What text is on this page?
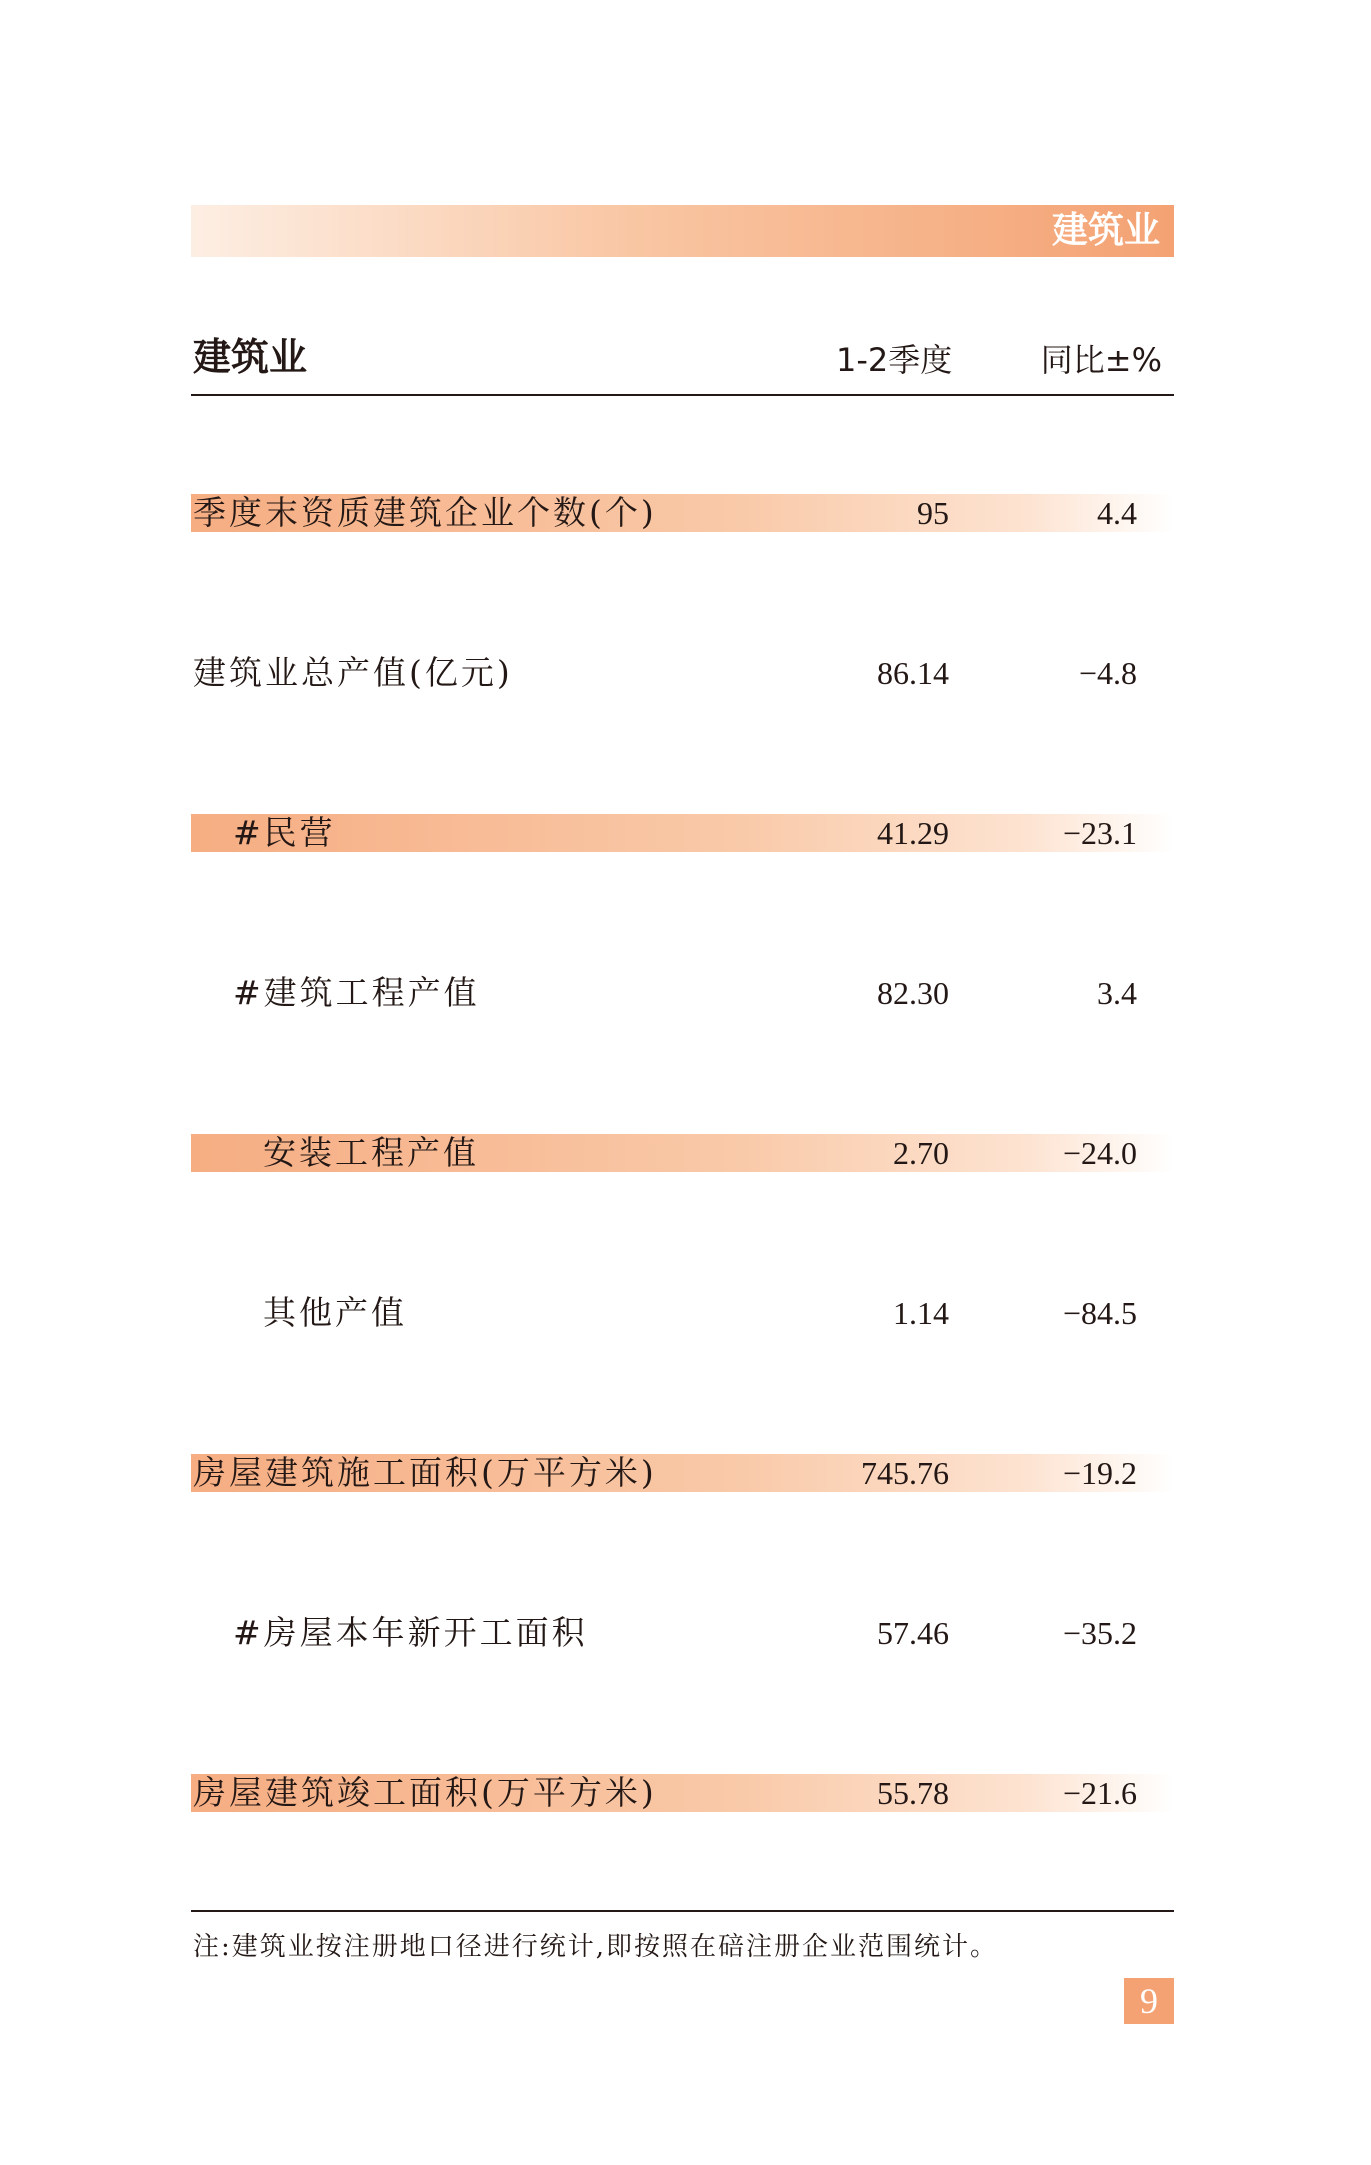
建筑业
建筑业	1-2季度	同比±%
季度末资质建筑企业个数(个)	95	4.4
建筑业总产值(亿元)	86.14	−4.8
#民营	41.29	−23.1
#建筑工程产值	82.30	3.4
安装工程产值	2.70	−24.0
其他产值	1.14	−84.5
房屋建筑施工面积(万平方米)	745.76	−19.2
#房屋本年新开工面积	57.46	−35.2
房屋建筑竣工面积(万平方米)	55.78	−21.6
注:建筑业按注册地口径进行统计,即按照在碚注册企业范围统计。
9
